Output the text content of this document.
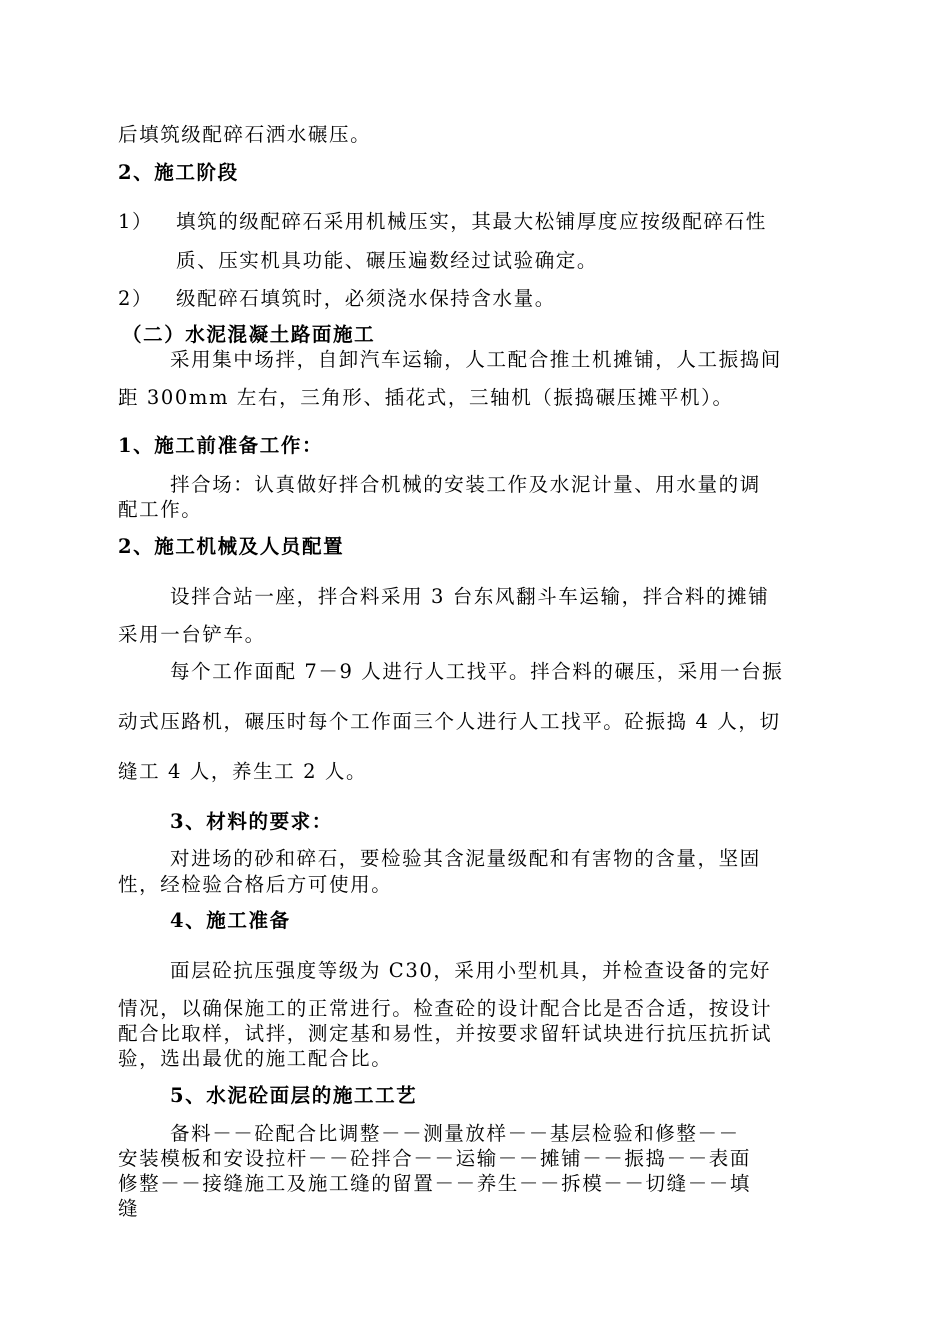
后填筑级配碎石洒水碾压。
2、施工阶段
1） 填筑的级配碎石采用机械压实，其最大松铺厚度应按级配碎石性
质、压实机具功能、碾压遍数经过试验确定。
2） 级配碎石填筑时，必须浇水保持含水量。
（二）水泥混凝土路面施工
采用集中场拌，自卸汽车运输，人工配合推土机摊铺，人工振捣间
距 300mm 左右，三角形、插花式，三轴机（振捣碾压摊平机）。
1、施工前准备工作：
拌合场：认真做好拌合机械的安装工作及水泥计量、用水量的调
配工作。
2、施工机械及人员配置
设拌合站一座，拌合料采用 3 台东风翻斗车运输，拌合料的摊铺
采用一台铲车。
每个工作面配 7－9 人进行人工找平。拌合料的碾压，采用一台振
动式压路机，碾压时每个工作面三个人进行人工找平。砼振捣 4 人，切
缝工 4 人，养生工 2 人。
3、材料的要求：
对进场的砂和碎石，要检验其含泥量级配和有害物的含量，坚固
性，经检验合格后方可使用。
4、施工准备
面层砼抗压强度等级为 C30，采用小型机具，并检查设备的完好
情况，以确保施工的正常进行。检查砼的设计配合比是否合适，按设计
配合比取样，试拌，测定基和易性，并按要求留轩试块进行抗压抗折试
验，选出最优的施工配合比。
5、水泥砼面层的施工工艺
备料－－砼配合比调整－－测量放样－－基层检验和修整－－
安装模板和安设拉杆－－砼拌合－－运输－－摊铺－－振捣－－表面
修整－－接缝施工及施工缝的留置－－养生－－拆模－－切缝－－填
缝
